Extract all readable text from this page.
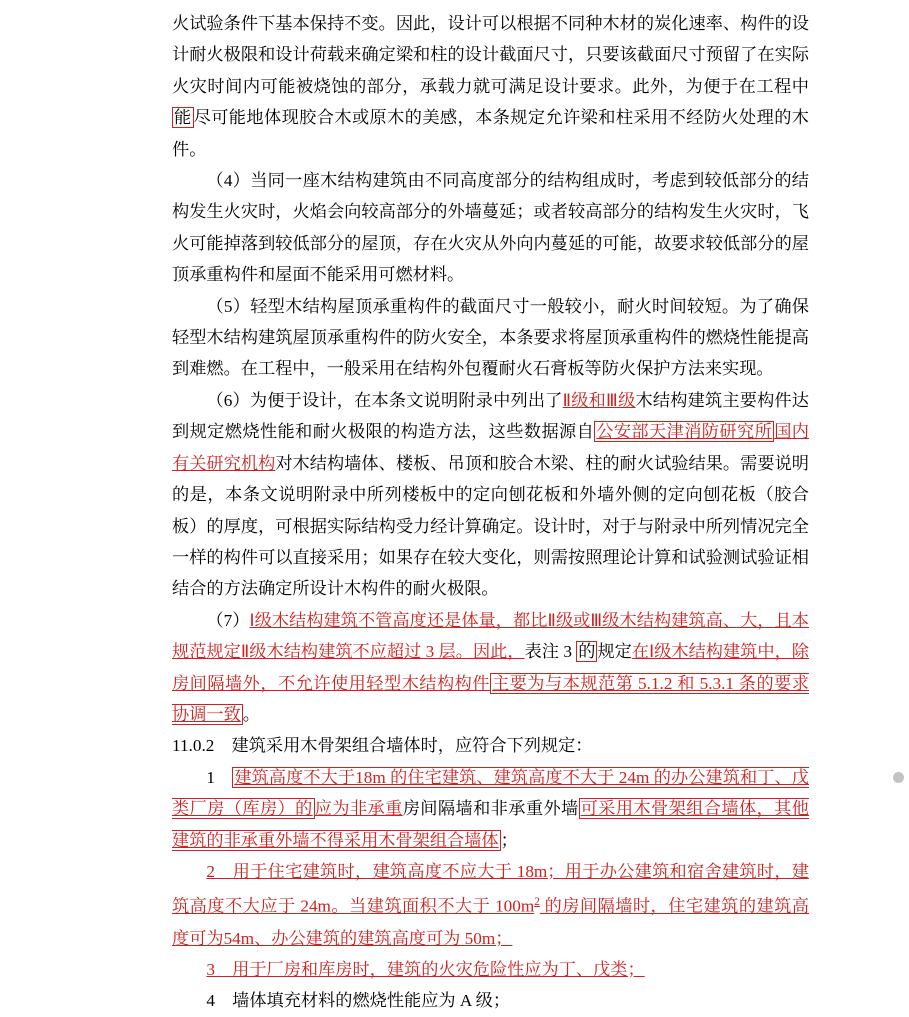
火试验条件下基本保持不变。因此，设计可以根据不同种木材的炭化速率、构件的设计耐火极限和设计荷载来确定梁和柱的设计截面尺寸，只要该截面尺寸预留了在实际火灾时间内可能被烧蚀的部分，承载力就可满足设计要求。此外，为便于在工程中能 尽可能地体现胶合木或原木的美感，本条规定允许梁和柱采用不经防火处理的木件。

（4）当同一座木结构建筑由不同高度部分的结构组成时，考虑到较低部分的结构发生火灾时，火焰会向较高部分的外墙蔓延；或者较高部分的结构发生火灾时，飞火可能掉落到较低部分的屋顶，存在火灾从外向内蔓延的可能，故要求较低部分的屋顶承重构件和屋面不能采用可燃材料。

（5）轻型木结构屋顶承重构件的截面尺寸一般较小，耐火时间较短。为了确保轻型木结构建筑屋顶承重构件的防火安全，本条要求将屋顶承重构件的燃烧性能提高到难燃。在工程中，一般采用在结构外包覆耐火石膏板等防火保护方法来实现。

（6）为便于设计，在本条文说明附录中列出了Ⅱ级和Ⅲ级木结构建筑主要构件达到规定燃烧性能和耐火极限的构造方法，这些数据源自 公安部天津消防研究所 国内有关研究机构对木结构墙体、楼板、吊顶和胶合木梁、柱的耐火试验结果。需要说明的是，本条文说明附录中所列楼板中的定向刨花板和外墙外侧的定向刨花板（胶合板）的厚度，可根据实际结构受力经计算确定。设计时，对于与附录中所列情况完全一样的构件可以直接采用；如果存在较大变化，则需按照理论计算和试验测试验证相结合的方法确定所设计木构件的耐火极限。

（7）Ⅰ级木结构建筑不管高度还是体量，都比Ⅱ级或Ⅲ级木结构建筑高、大，且本规范规定Ⅱ级木结构建筑不应超过 3 层。因此，表注 3 的 规定在Ⅰ级木结构建筑中，除房间隔墙外，不允许使用轻型木结构构件 主要为与本规范第 5.1.2 和 5.3.1 条的要求协调一致 。

11.0.2　建筑采用木骨架组合墙体时，应符合下列规定：

1　建筑高度不大于18m 的住宅建筑、建筑高度不大于 24m 的办公建筑和丁、戊类厂房（库房）的 应为非承重房间隔墙和非承重外墙 可采用木骨架组合墙体，其他建筑的非承重外墙不得采用木骨架组合墙体 ；

2　用于住宅建筑时，建筑高度不应大于 18m；用于办公建筑和宿舍建筑时，建筑高度不大应于 24m。当建筑面积不大于 $100m^2$ 的房间隔墙时，住宅建筑的建筑高度可为54m、办公建筑的建筑高度可为 50m；

3　用于厂房和库房时，建筑的火灾危险性应为丁、戊类；

4　墙体填充材料的燃烧性能应为 A 级；
